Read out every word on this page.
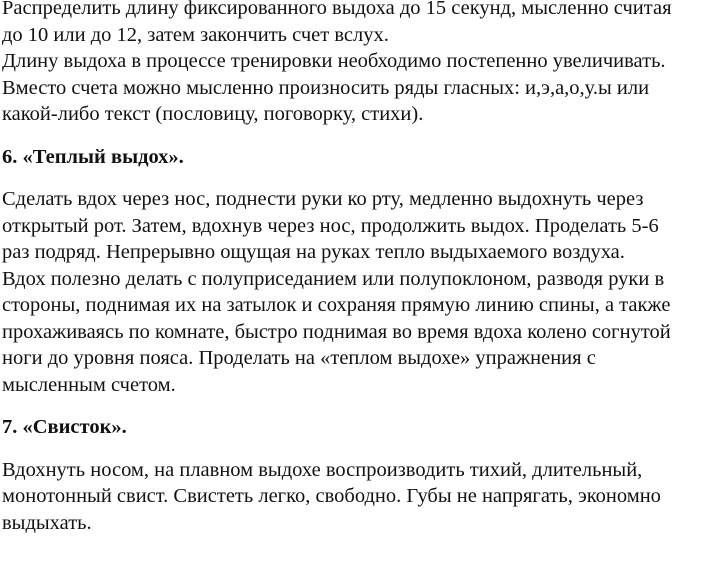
Распределить длину фиксированного выдоха до 15 секунд, мысленно считая
до 10 или до 12, затем закончить счет вслух.
Длину выдоха в процессе тренировки необходимо постепенно увеличивать.
Вместо счета можно мысленно произносить ряды гласных: и,э,а,о,у.ы или
какой-либо текст (пословицу, поговорку, стихи).
6. «Теплый выдох».
Сделать вдох через нос, поднести руки ко рту, медленно выдохнуть через
открытый рот. Затем, вдохнув через нос, продолжить выдох. Проделать 5-6
раз подряд. Непрерывно ощущая на руках тепло выдыхаемого воздуха.
Вдох полезно делать с полуприседанием или полупоклоном, разводя руки в
стороны, поднимая их на затылок и сохраняя прямую линию спины, а также
прохаживаясь по комнате, быстро поднимая во время вдоха колено согнутой
ноги до уровня пояса. Проделать на «теплом выдохе» упражнения с
мысленным счетом.
7. «Свисток».
Вдохнуть носом, на плавном выдохе воспроизводить тихий, длительный,
монотонный свист. Свистеть легко, свободно. Губы не напрягать, экономно
выдыхать.
